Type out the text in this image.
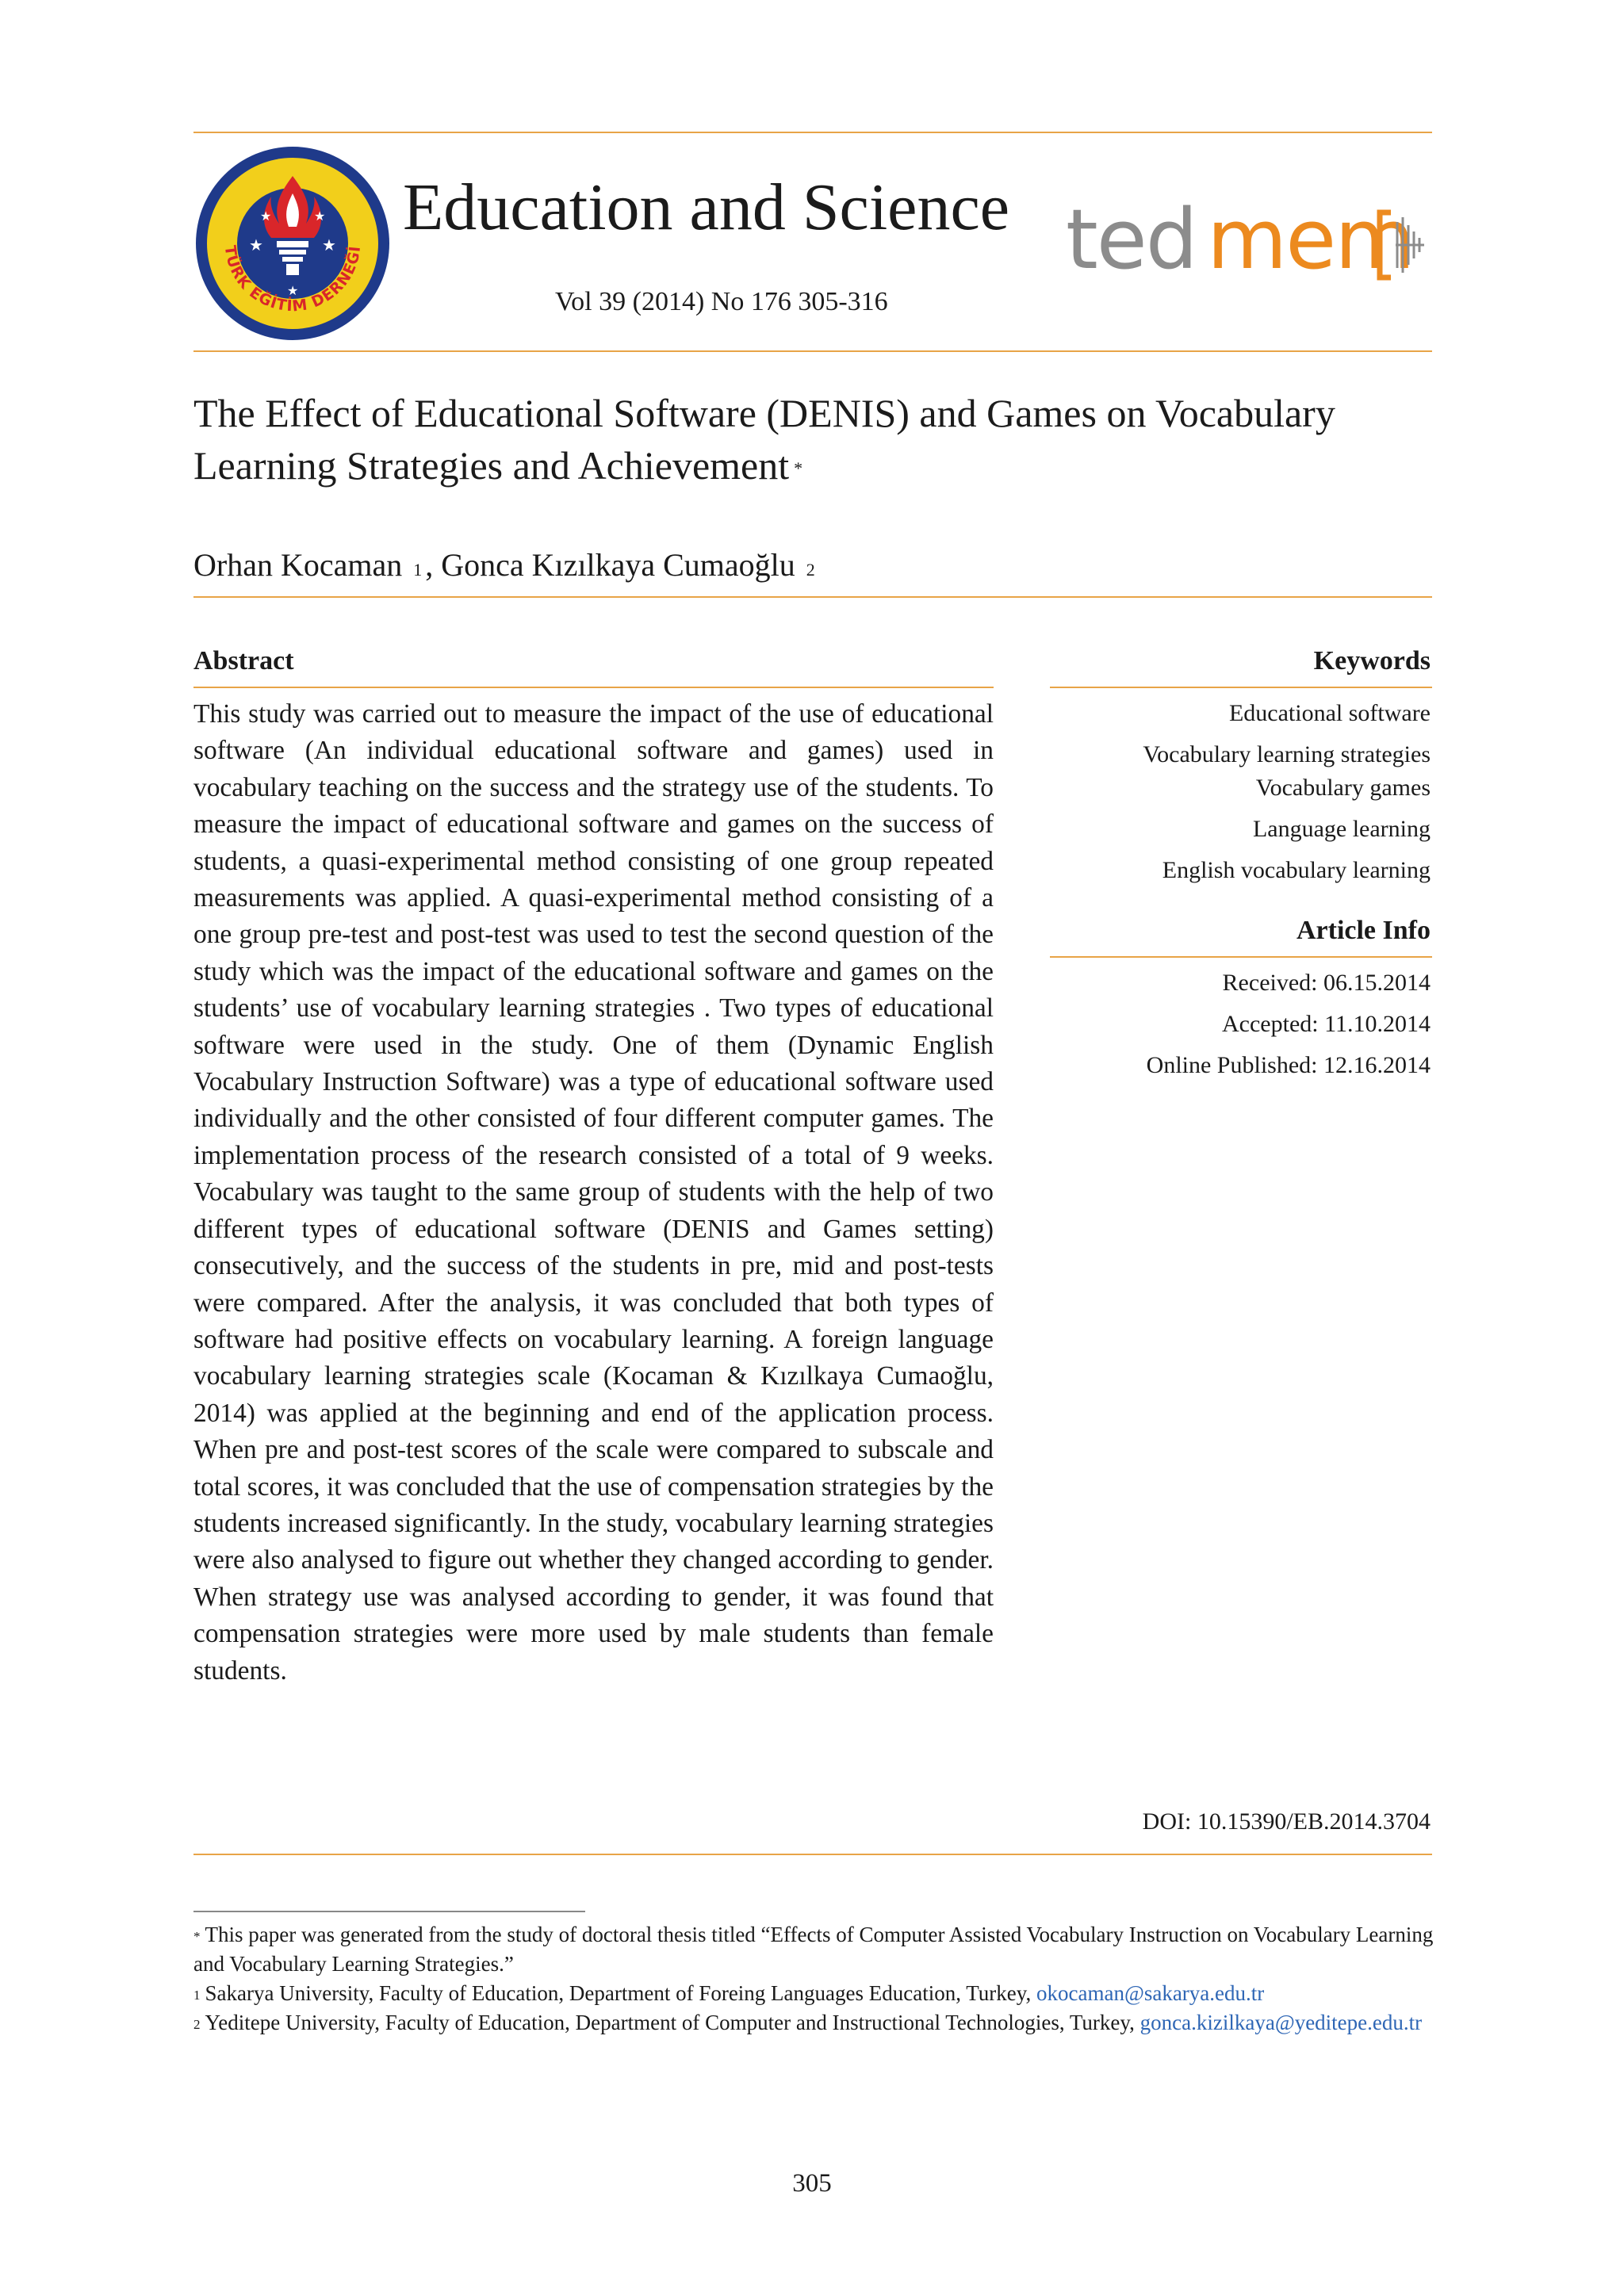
★	★
★	★
★
TÜRK EĞİTİM DERNEĞİ
Education and Science
Vol 39 (2014) No 176 305-316
ted mem
The Effect of Educational Software (DENIS) and Games on Vocabulary Learning Strategies and Achievement *
Orhan Kocaman $^1$ , Gonca Kızılkaya Cumaoğlu $^2$
Abstract
This study was carried out to measure the impact of the use of educational software (An individual educational software and games) used in vocabulary teaching on the success and the strategy use of the students. To measure the impact of educational software and games on the success of students, a quasi-experimental method consisting of one group repeated measurements was applied. A quasi-experimental method consisting of a one group pre-test and post-test was used to test the second question of the study which was the impact of the educational software and games on the students’ use of vocabulary learning strategies . Two types of educational software were used in the study. One of them (Dynamic English Vocabulary Instruction Software) was a type of educational software used individually and the other consisted of four different computer games. The implementation process of the research consisted of a total of 9 weeks. Vocabulary was taught to the same group of students with the help of two different types of educational software (DENIS and Games setting) consecutively, and the success of the students in pre, mid and post-tests were compared. After the analysis, it was concluded that both types of software had positive effects on vocabulary learning. A foreign language vocabulary learning strategies scale (Kocaman & Kızılkaya Cumaoğlu, 2014) was applied at the beginning and end of the application process. When pre and post-test scores of the scale were compared to subscale and total scores, it was concluded that the use of compensation strategies by the students increased significantly. In the study, vocabulary learning strategies were also analysed to figure out whether they changed according to gender. When strategy use was analysed according to gender, it was found that compensation strategies were more used by male students than female students.
Keywords
Educational software
Vocabulary learning strategies
Vocabulary games
Language learning
English vocabulary learning
Article Info
Received: 06.15.2014
Accepted: 11.10.2014
Online Published: 12.16.2014
DOI: 10.15390/EB.2014.3704

* This paper was generated from the study of doctoral thesis titled “Effects of Computer Assisted Vocabulary Instruction on Vocabulary Learning and Vocabulary Learning Strategies.”

$^1$ Sakarya University, Faculty of Education, Department of Foreing Languages Education, Turkey, okocaman@sakarya.edu.tr

$^2$ Yeditepe University, Faculty of Education, Department of Computer and Instructional Technologies, Turkey, gonca.kizilkaya@yeditepe.edu.tr

305
